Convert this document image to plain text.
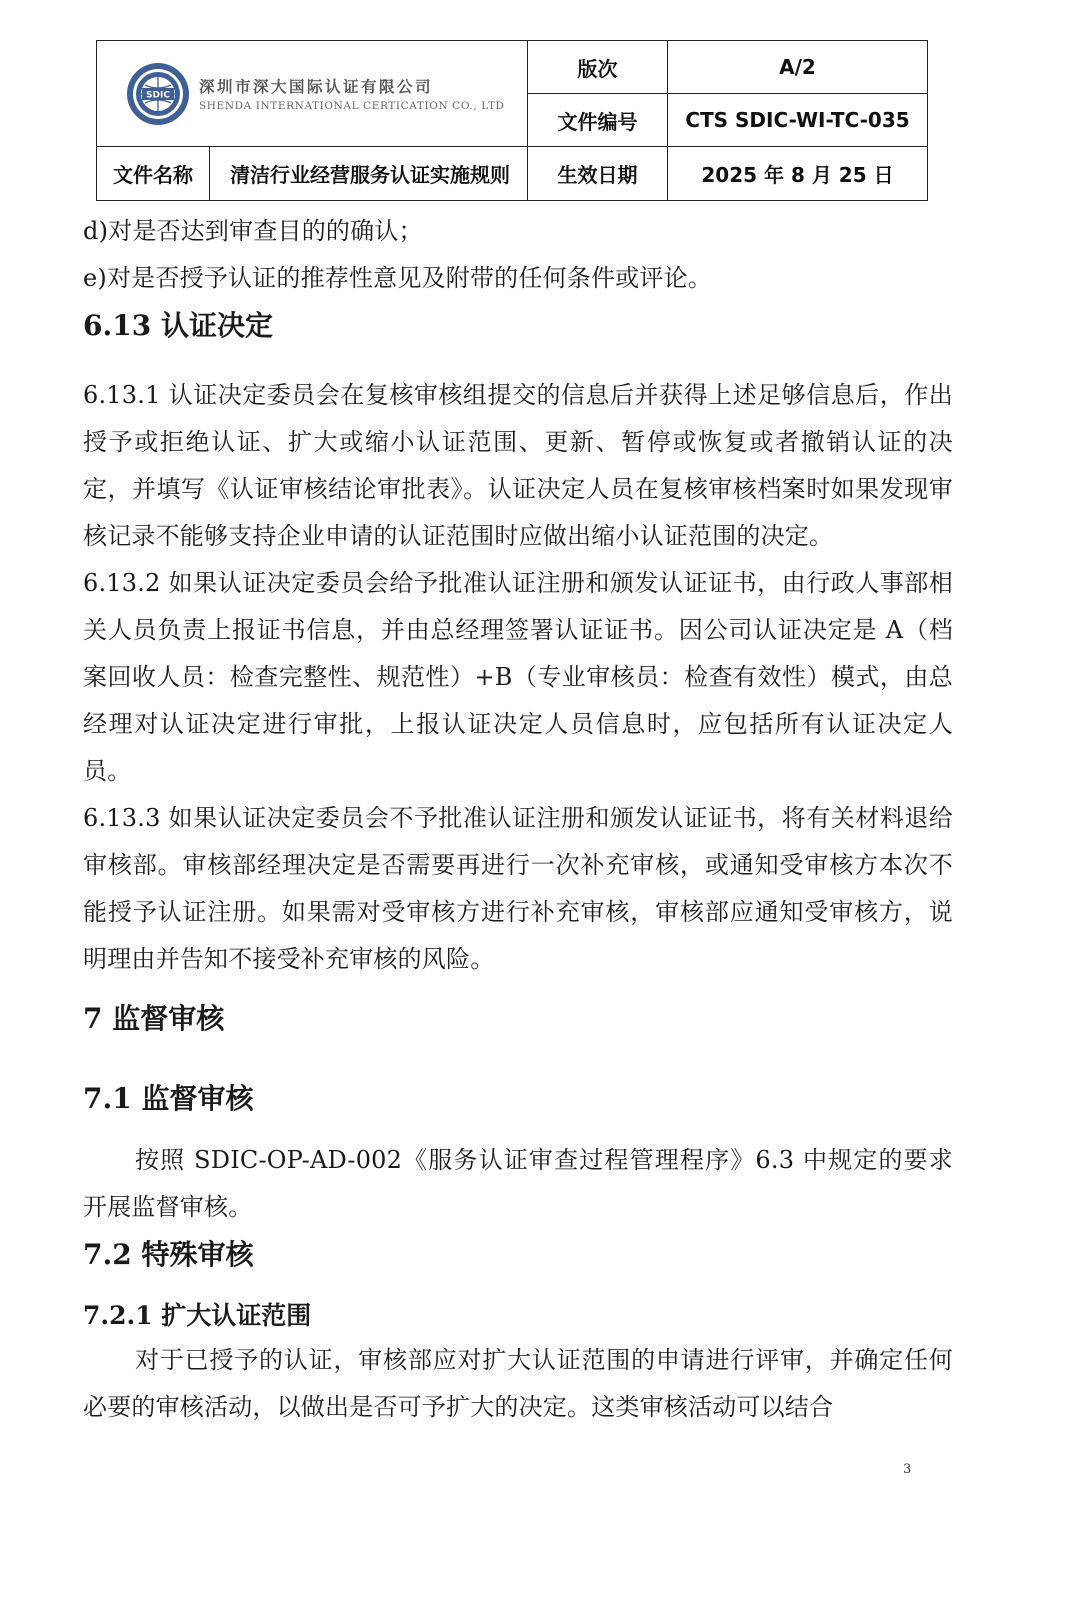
SDIC 深圳市深大国际认证有限公司
SHENDA INTERNATIONAL CERTICATION CO., LTD		版次	A/2
		文件编号	CTS SDIC-WI-TC-035
文件名称	清洁行业经营服务认证实施规则	生效日期	2025 年 8 月 25 日

d)对是否达到审查目的的确认；

e)对是否授予认证的推荐性意见及附带的任何条件或评论。

6.13 认证决定

6.13.1 认证决定委员会在复核审核组提交的信息后并获得上述足够信息后，作出授予或拒绝认证、扩大或缩小认证范围、更新、暂停或恢复或者撤销认证的决定，并填写《认证审核结论审批表》。认证决定人员在复核审核档案时如果发现审核记录不能够支持企业申请的认证范围时应做出缩小认证范围的决定。

6.13.2 如果认证决定委员会给予批准认证注册和颁发认证证书，由行政人事部相关人员负责上报证书信息，并由总经理签署认证证书。因公司认证决定是 A（档案回收人员：检查完整性、规范性）+B（专业审核员：检查有效性）模式，由总经理对认证决定进行审批，上报认证决定人员信息时，应包括所有认证决定人员。

6.13.3 如果认证决定委员会不予批准认证注册和颁发认证证书，将有关材料退给审核部。审核部经理决定是否需要再进行一次补充审核，或通知受审核方本次不能授予认证注册。如果需对受审核方进行补充审核，审核部应通知受审核方，说明理由并告知不接受补充审核的风险。

7 监督审核

7.1 监督审核

按照 SDIC-OP-AD-002《服务认证审查过程管理程序》6.3 中规定的要求开展监督审核。

7.2 特殊审核

7.2.1 扩大认证范围

对于已授予的认证，审核部应对扩大认证范围的申请进行评审，并确定任何必要的审核活动，以做出是否可予扩大的决定。这类审核活动可以结合

3
